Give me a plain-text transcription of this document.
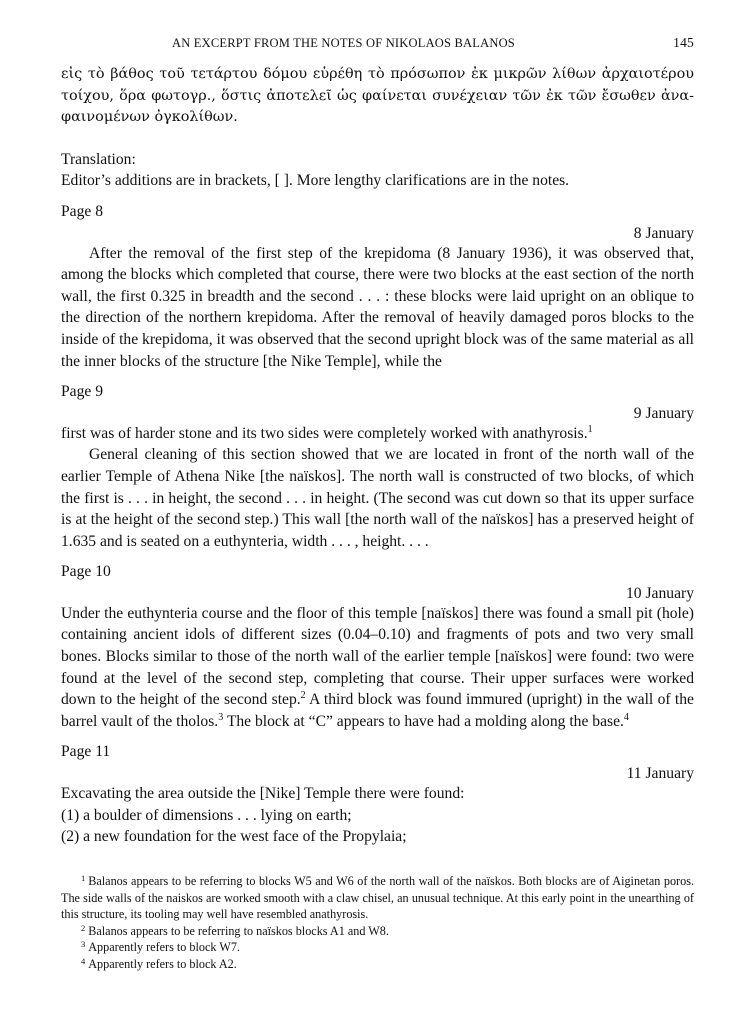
AN EXCERPT FROM THE NOTES OF NIKOLAOS BALANOS	145

εἰς τὸ βάθος τοῦ τετάρτου δόμου εὑρέθη τὸ πρόσωπον ἐκ μικρῶν λίθων ἀρχαιοτέρου τοίχου, ὅρα φωτογρ., ὅστις ἀποτελεῖ ὡς φαίνεται συνέχειαν τῶν ἐκ τῶν ἔσωθεν ἀνα-φαινομένων ὀγκολίθων.

Translation:

Editor’s additions are in brackets, [ ]. More lengthy clarifications are in the notes.

Page 8

8 January

After the removal of the first step of the krepidoma (8 January 1936), it was observed that, among the blocks which completed that course, there were two blocks at the east section of the north wall, the first 0.325 in breadth and the second . . . : these blocks were laid upright on an oblique to the direction of the northern krepidoma. After the removal of heavily damaged poros blocks to the inside of the krepidoma, it was observed that the second upright block was of the same material as all the inner blocks of the structure [the Nike Temple], while the

Page 9

9 January

first was of harder stone and its two sides were completely worked with anathyrosis.$^1$

General cleaning of this section showed that we are located in front of the north wall of the earlier Temple of Athena Nike [the naïskos]. The north wall is constructed of two blocks, of which the first is . . . in height, the second . . . in height. (The second was cut down so that its upper surface is at the height of the second step.) This wall [the north wall of the naïskos] has a preserved height of 1.635 and is seated on a euthynteria, width . . . , height. . . .

Page 10

10 January

Under the euthynteria course and the floor of this temple [naïskos] there was found a small pit (hole) containing ancient idols of different sizes (0.04–0.10) and fragments of pots and two very small bones. Blocks similar to those of the north wall of the earlier temple [naïskos] were found: two were found at the level of the second step, completing that course. Their upper surfaces were worked down to the height of the second step.$^2$ A third block was found immured (upright) in the wall of the barrel vault of the tholos.$^3$ The block at “C” appears to have had a molding along the base.$^4$

Page 11

11 January

Excavating the area outside the [Nike] Temple there were found:

(1) a boulder of dimensions . . . lying on earth;

(2) a new foundation for the west face of the Propylaia;

$^1$ Balanos appears to be referring to blocks W5 and W6 of the north wall of the naïskos. Both blocks are of Aiginetan poros. The side walls of the naiskos are worked smooth with a claw chisel, an unusual technique. At this early point in the unearthing of this structure, its tooling may well have resembled anathyrosis.

$^2$ Balanos appears to be referring to naïskos blocks A1 and W8.

$^3$ Apparently refers to block W7.

$^4$ Apparently refers to block A2.
